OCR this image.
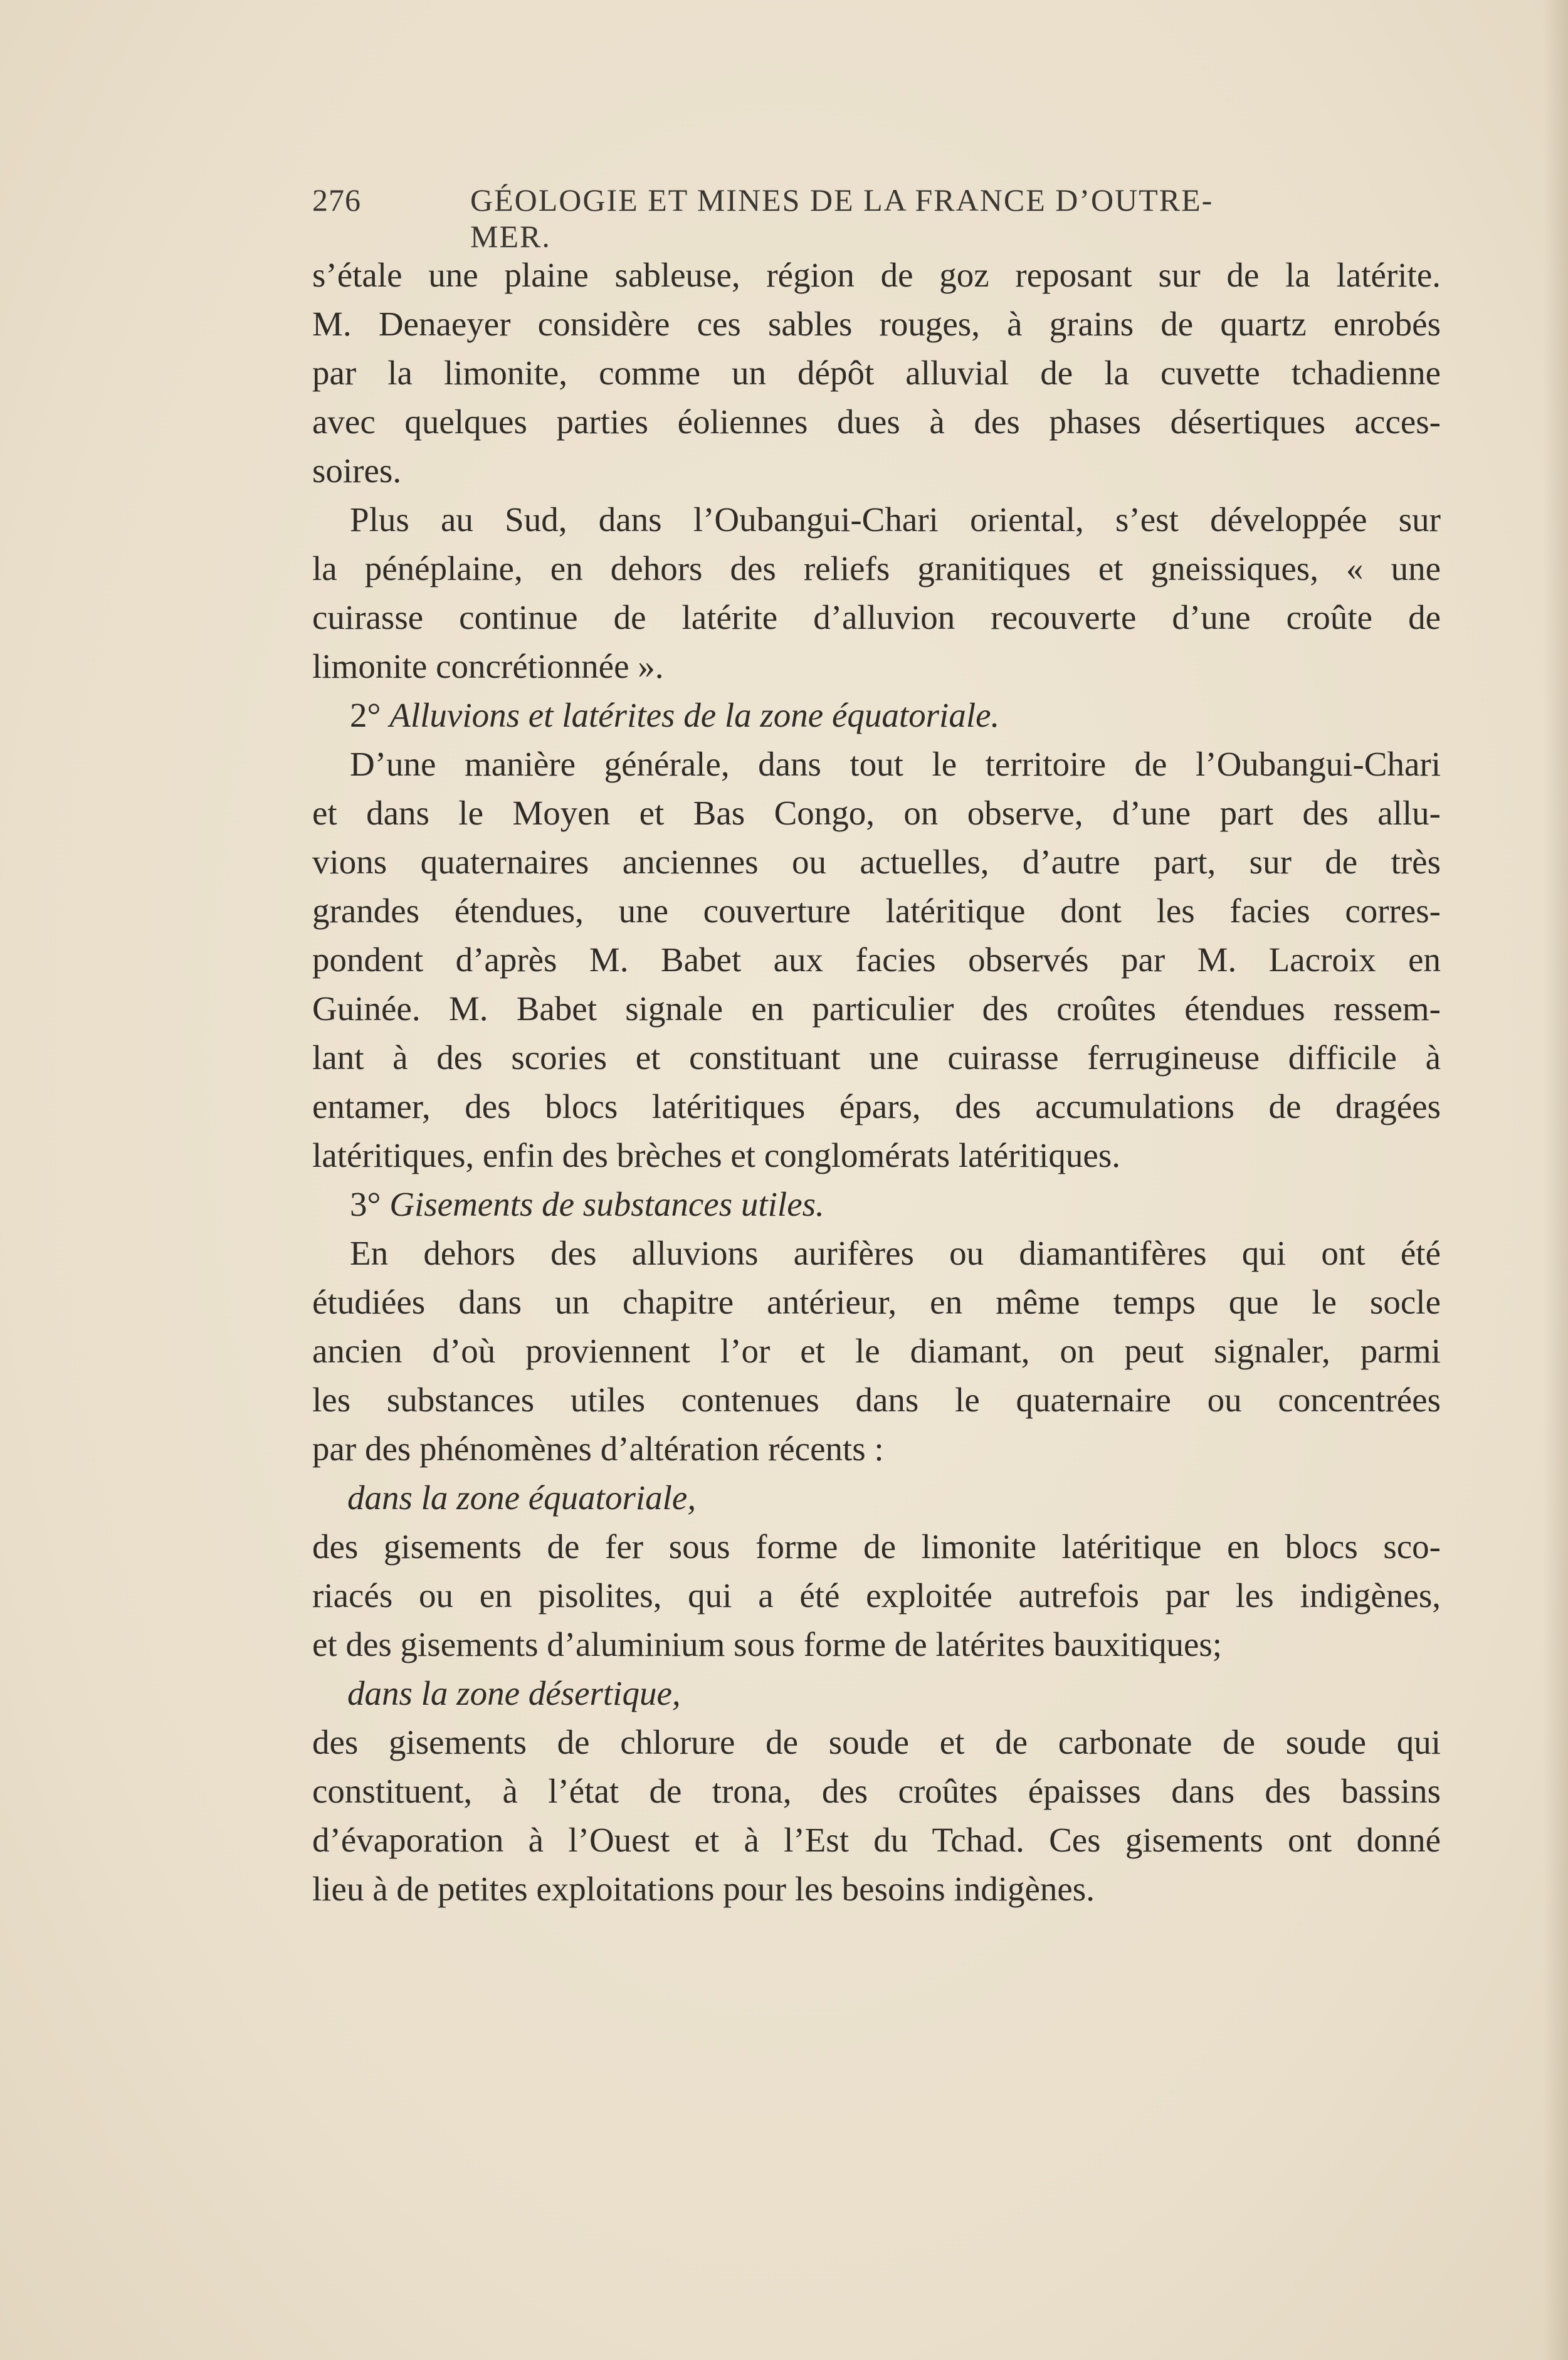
276	GÉOLOGIE ET MINES DE LA FRANCE D’OUTRE-MER.
s’étale une plaine sableuse, région de goz reposant sur de la latérite.
M. Denaeyer considère ces sables rouges, à grains de quartz enrobés
par la limonite, comme un dépôt alluvial de la cuvette tchadienne
avec quelques parties éoliennes dues à des phases désertiques acces-
soires.
Plus au Sud, dans l’Oubangui-Chari oriental, s’est développée sur
la pénéplaine, en dehors des reliefs granitiques et gneissiques, « une
cuirasse continue de latérite d’alluvion recouverte d’une croûte de
limonite concrétionnée ».
2° Alluvions et latérites de la zone équatoriale.
D’une manière générale, dans tout le territoire de l’Oubangui-Chari
et dans le Moyen et Bas Congo, on observe, d’une part des allu-
vions quaternaires anciennes ou actuelles, d’autre part, sur de très
grandes étendues, une couverture latéritique dont les facies corres-
pondent d’après M. Babet aux facies observés par M. Lacroix en
Guinée. M. Babet signale en particulier des croûtes étendues ressem-
lant à des scories et constituant une cuirasse ferrugineuse difficile à
entamer, des blocs latéritiques épars, des accumulations de dragées
latéritiques, enfin des brèches et conglomérats latéritiques.
3° Gisements de substances utiles.
En dehors des alluvions aurifères ou diamantifères qui ont été
étudiées dans un chapitre antérieur, en même temps que le socle
ancien d’où proviennent l’or et le diamant, on peut signaler, parmi
les substances utiles contenues dans le quaternaire ou concentrées
par des phénomènes d’altération récents :
dans la zone équatoriale,
des gisements de fer sous forme de limonite latéritique en blocs sco-
riacés ou en pisolites, qui a été exploitée autrefois par les indigènes,
et des gisements d’aluminium sous forme de latérites bauxitiques;
dans la zone désertique,
des gisements de chlorure de soude et de carbonate de soude qui
constituent, à l’état de trona, des croûtes épaisses dans des bassins
d’évaporation à l’Ouest et à l’Est du Tchad. Ces gisements ont donné
lieu à de petites exploitations pour les besoins indigènes.
